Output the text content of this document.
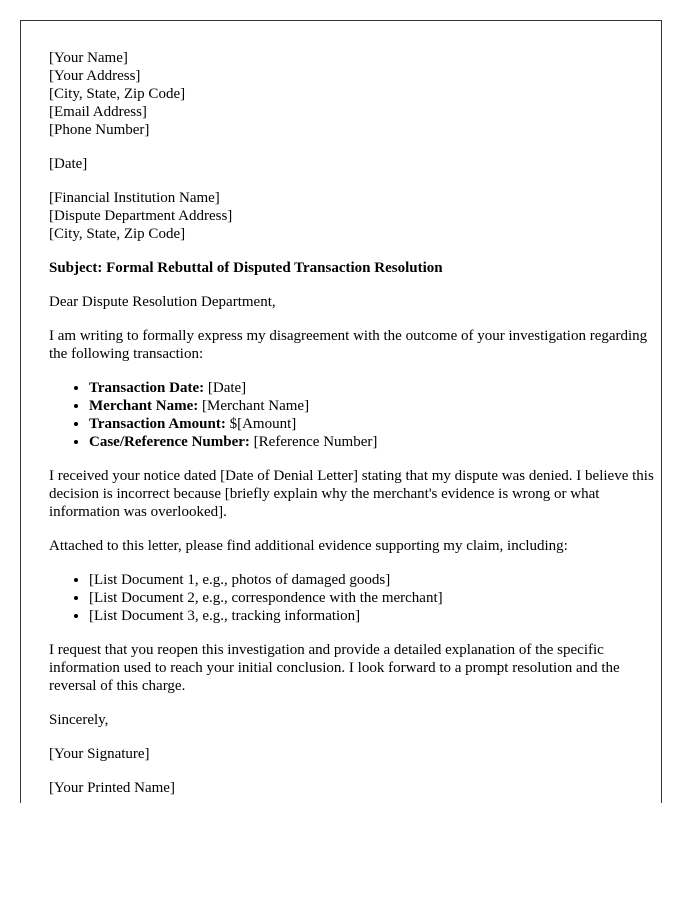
[Your Name]
[Your Address]
[City, State, Zip Code]
[Email Address]
[Phone Number]

[Date]

[Financial Institution Name]
[Dispute Department Address]
[City, State, Zip Code]

Subject: Formal Rebuttal of Disputed Transaction Resolution

Dear Dispute Resolution Department,

I am writing to formally express my disagreement with the outcome of your investigation regarding the following transaction:

• Transaction Date: [Date]
• Merchant Name: [Merchant Name]
• Transaction Amount: $[Amount]
• Case/Reference Number: [Reference Number]

I received your notice dated [Date of Denial Letter] stating that my dispute was denied. I believe this decision is incorrect because [briefly explain why the merchant's evidence is wrong or what information was overlooked].

Attached to this letter, please find additional evidence supporting my claim, including:

• [List Document 1, e.g., photos of damaged goods]
• [List Document 2, e.g., correspondence with the merchant]
• [List Document 3, e.g., tracking information]

I request that you reopen this investigation and provide a detailed explanation of the specific information used to reach your initial conclusion. I look forward to a prompt resolution and the reversal of this charge.

Sincerely,

[Your Signature]

[Your Printed Name]
